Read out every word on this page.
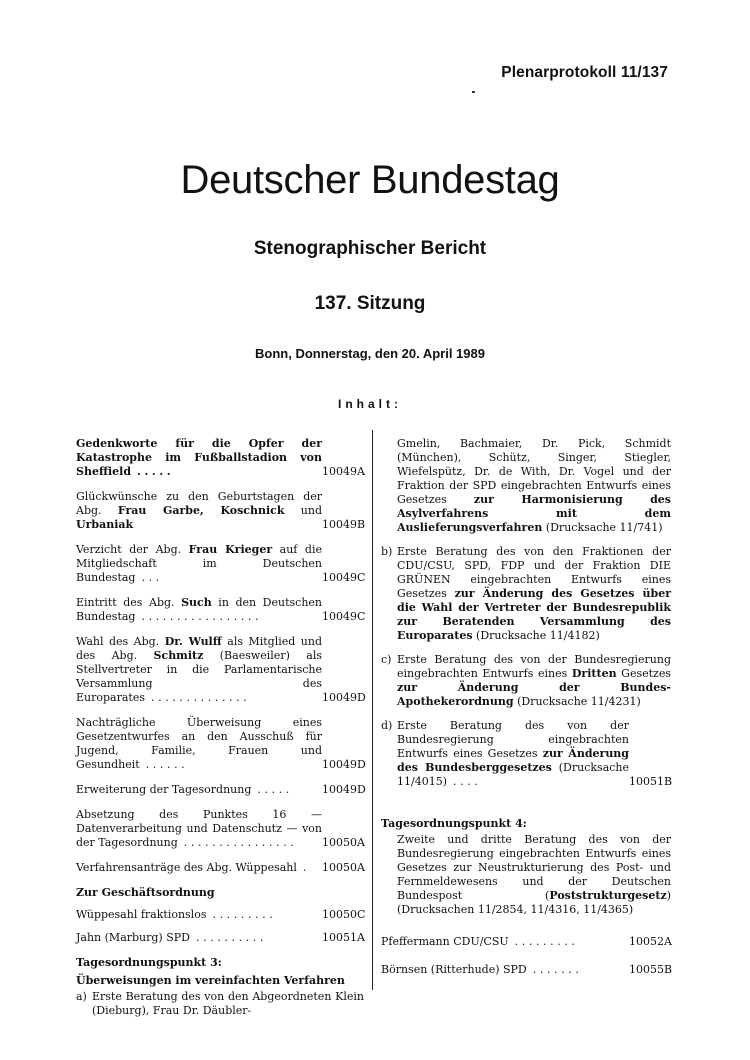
Plenarprotokoll 11/137
Deutscher Bundestag
Stenographischer Bericht
137. Sitzung
Bonn, Donnerstag, den 20. April 1989
Inhalt:
Gedenkworte für die Opfer der Katastrophe im Fußballstadion von Sheffield .....	10049A
Glückwünsche zu den Geburtstagen der Abg. Frau Garbe, Koschnick und Urbaniak	10049B
Verzicht der Abg. Frau Krieger auf die Mitgliedschaft im Deutschen Bundestag ...	10049C
Eintritt des Abg. Such in den Deutschen Bundestag .................	10049C
Wahl des Abg. Dr. Wulff als Mitglied und des Abg. Schmitz (Baesweiler) als Stellvertreter in die Parlamentarische Versammlung des Europarates ..............	10049D
Nachträgliche Überweisung eines Gesetzentwurfes an den Ausschuß für Jugend, Familie, Frauen und Gesundheit ......	10049D
Erweiterung der Tagesordnung .....	10049D
Absetzung des Punktes 16 — Datenverarbeitung und Datenschutz — von der Tagesordnung ................	10050A
Verfahrensanträge des Abg. Wüppesahl .	10050A
Zur Geschäftsordnung
Wüppesahl fraktionslos .........	10050C
Jahn (Marburg) SPD ..........	10051A
Tagesordnungspunkt 3:
Überweisungen im vereinfachten Verfahren
a) Erste Beratung des von den Abgeordneten Klein (Dieburg), Frau Dr. Däubler-
Gmelin, Bachmaier, Dr. Pick, Schmidt (München), Schütz, Singer, Stiegler, Wiefelspütz, Dr. de With, Dr. Vogel und der Fraktion der SPD eingebrachten Entwurfs eines Gesetzes zur Harmonisierung des Asylverfahrens mit dem Auslieferungsverfahren (Drucksache 11/741)
b) Erste Beratung des von den Fraktionen der CDU/CSU, SPD, FDP und der Fraktion DIE GRÜNEN eingebrachten Entwurfs eines Gesetzes zur Änderung des Gesetzes über die Wahl der Vertreter der Bundesrepublik zur Beratenden Versammlung des Europarates (Drucksache 11/4182)
c) Erste Beratung des von der Bundesregierung eingebrachten Entwurfs eines Dritten Gesetzes zur Änderung der Bundes-Apothekerordnung (Drucksache 11/4231)
d) Erste Beratung des von der Bundesregierung eingebrachten Entwurfs eines Gesetzes zur Änderung des Bundesberggesetzes (Drucksache 11/4015) ....	10051B
Tagesordnungspunkt 4:
Zweite und dritte Beratung des von der Bundesregierung eingebrachten Entwurfs eines Gesetzes zur Neustrukturierung des Post- und Fernmeldewesens und der Deutschen Bundespost (Poststrukturgesetz) (Drucksachen 11/2854, 11/4316, 11/4365)
Pfeffermann CDU/CSU .........	10052A
Börnsen (Ritterhude) SPD .......	10055B
